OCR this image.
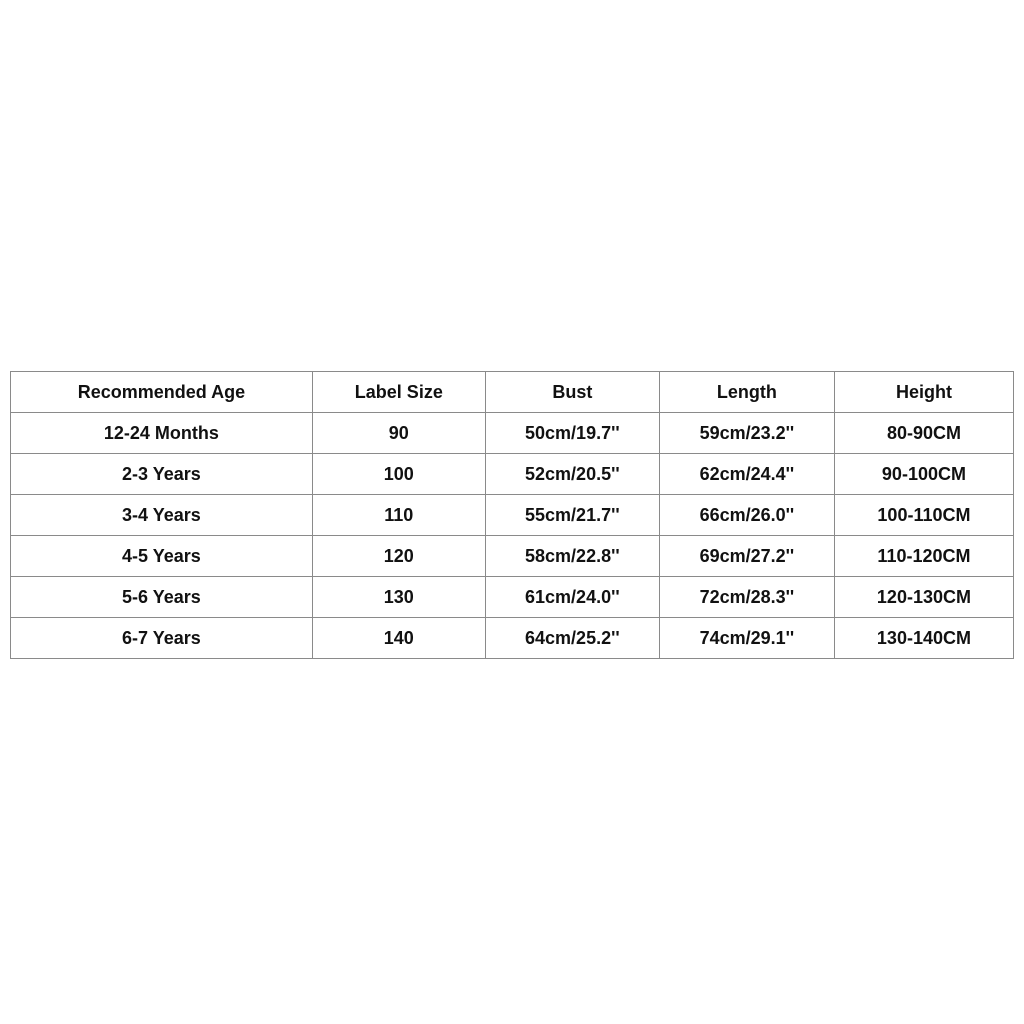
Recommended Age	Label Size	Bust	Length	Height
12-24 Months	90	50cm/19.7''	59cm/23.2''	80-90CM
2-3 Years	100	52cm/20.5''	62cm/24.4''	90-100CM
3-4 Years	110	55cm/21.7''	66cm/26.0''	100-110CM
4-5 Years	120	58cm/22.8''	69cm/27.2''	110-120CM
5-6 Years	130	61cm/24.0''	72cm/28.3''	120-130CM
6-7 Years	140	64cm/25.2''	74cm/29.1''	130-140CM
